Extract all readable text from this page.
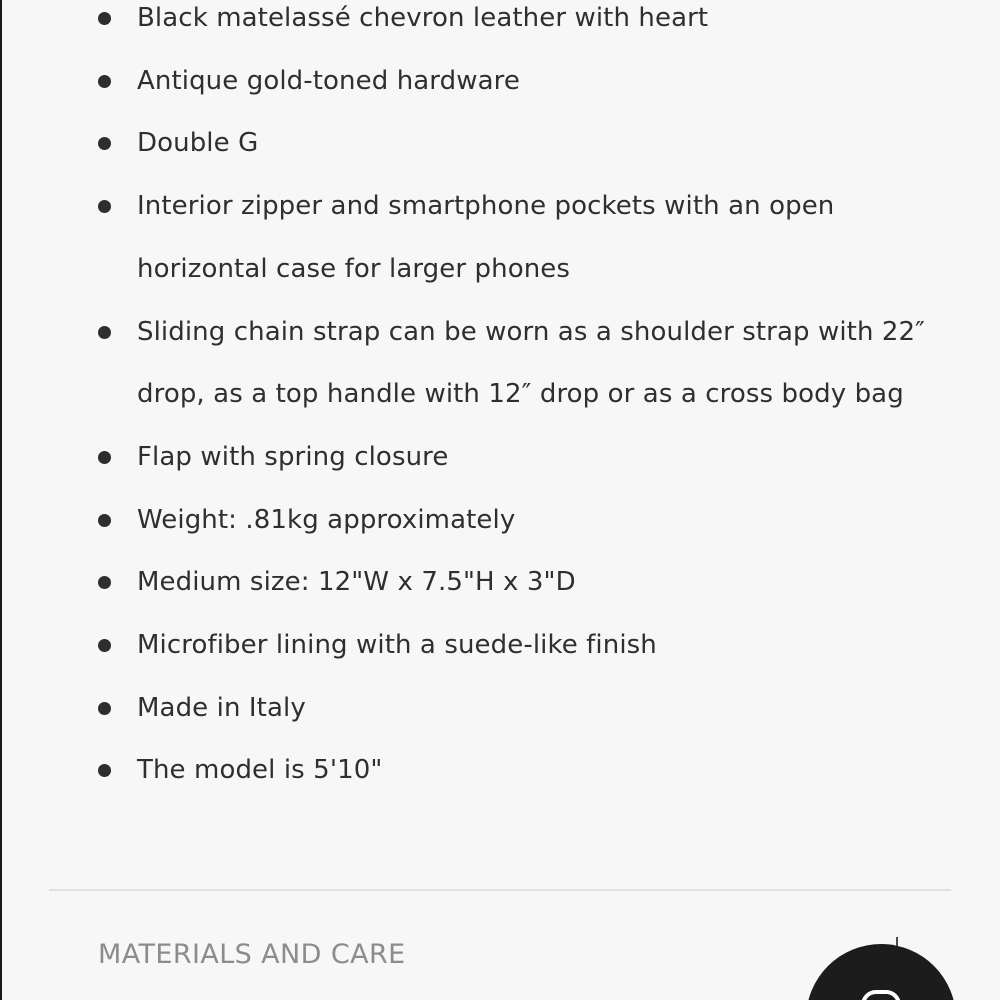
Black matelassé chevron leather with heart
Antique gold-toned hardware
Double G
Interior zipper and smartphone pockets with an open horizontal case for larger phones
Sliding chain strap can be worn as a shoulder strap with 22″ drop, as a top handle with 12″ drop or as a cross body bag
Flap with spring closure
Weight: .81kg approximately
Medium size: 12"W x 7.5"H x 3"D
Microfiber lining with a suede-like finish
Made in Italy
The model is 5'10"
MATERIALS AND CARE
